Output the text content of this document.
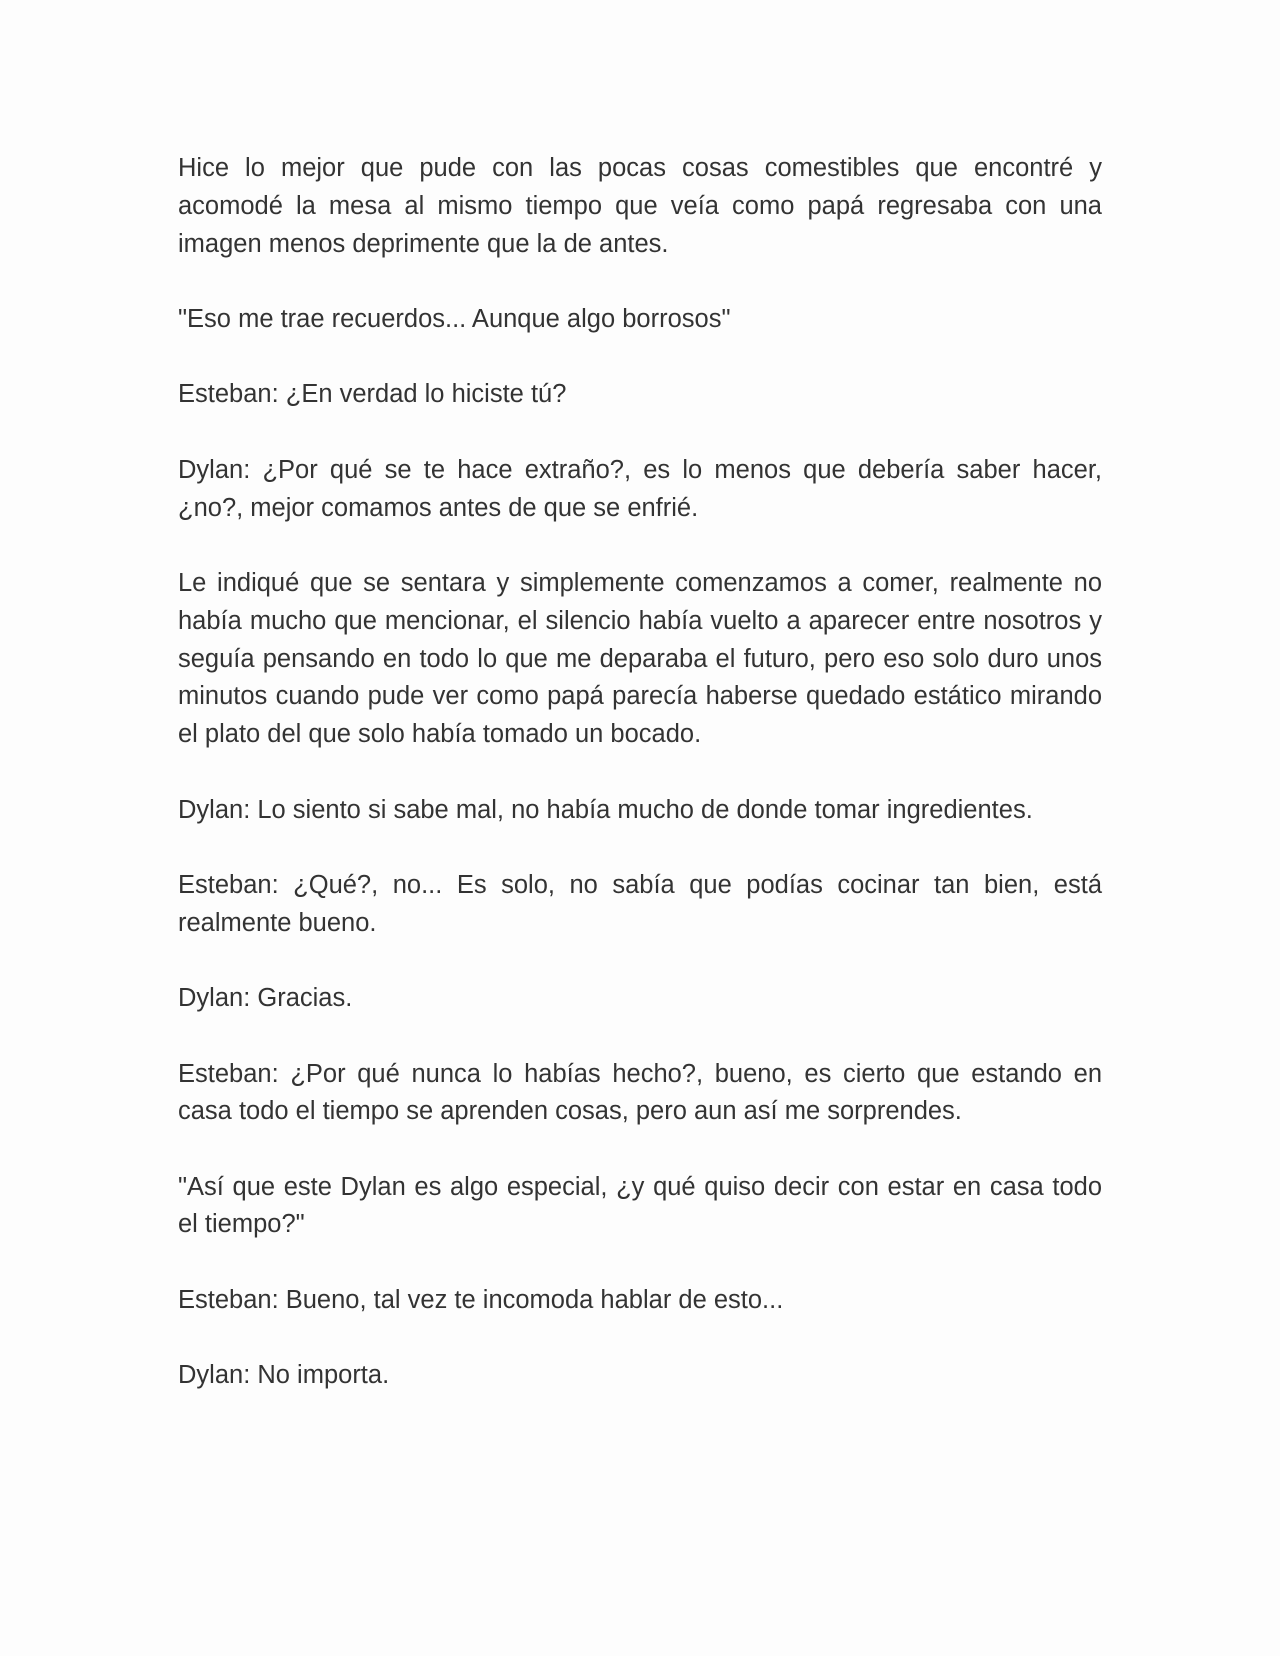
Hice lo mejor que pude con las pocas cosas comestibles que encontré y acomodé la mesa al mismo tiempo que veía como papá regresaba con una imagen menos deprimente que la de antes.

"Eso me trae recuerdos... Aunque algo borrosos"

Esteban: ¿En verdad lo hiciste tú?

Dylan: ¿Por qué se te hace extraño?, es lo menos que debería saber hacer, ¿no?, mejor comamos antes de que se enfrié.

Le indiqué que se sentara y simplemente comenzamos a comer, realmente no había mucho que mencionar, el silencio había vuelto a aparecer entre nosotros y seguía pensando en todo lo que me deparaba el futuro, pero eso solo duro unos minutos cuando pude ver como papá parecía haberse quedado estático mirando el plato del que solo había tomado un bocado.

Dylan: Lo siento si sabe mal, no había mucho de donde tomar ingredientes.

Esteban: ¿Qué?, no... Es solo, no sabía que podías cocinar tan bien, está realmente bueno.

Dylan: Gracias.

Esteban: ¿Por qué nunca lo habías hecho?, bueno, es cierto que estando en casa todo el tiempo se aprenden cosas, pero aun así me sorprendes.

"Así que este Dylan es algo especial, ¿y qué quiso decir con estar en casa todo el tiempo?"

Esteban: Bueno, tal vez te incomoda hablar de esto...

Dylan: No importa.
